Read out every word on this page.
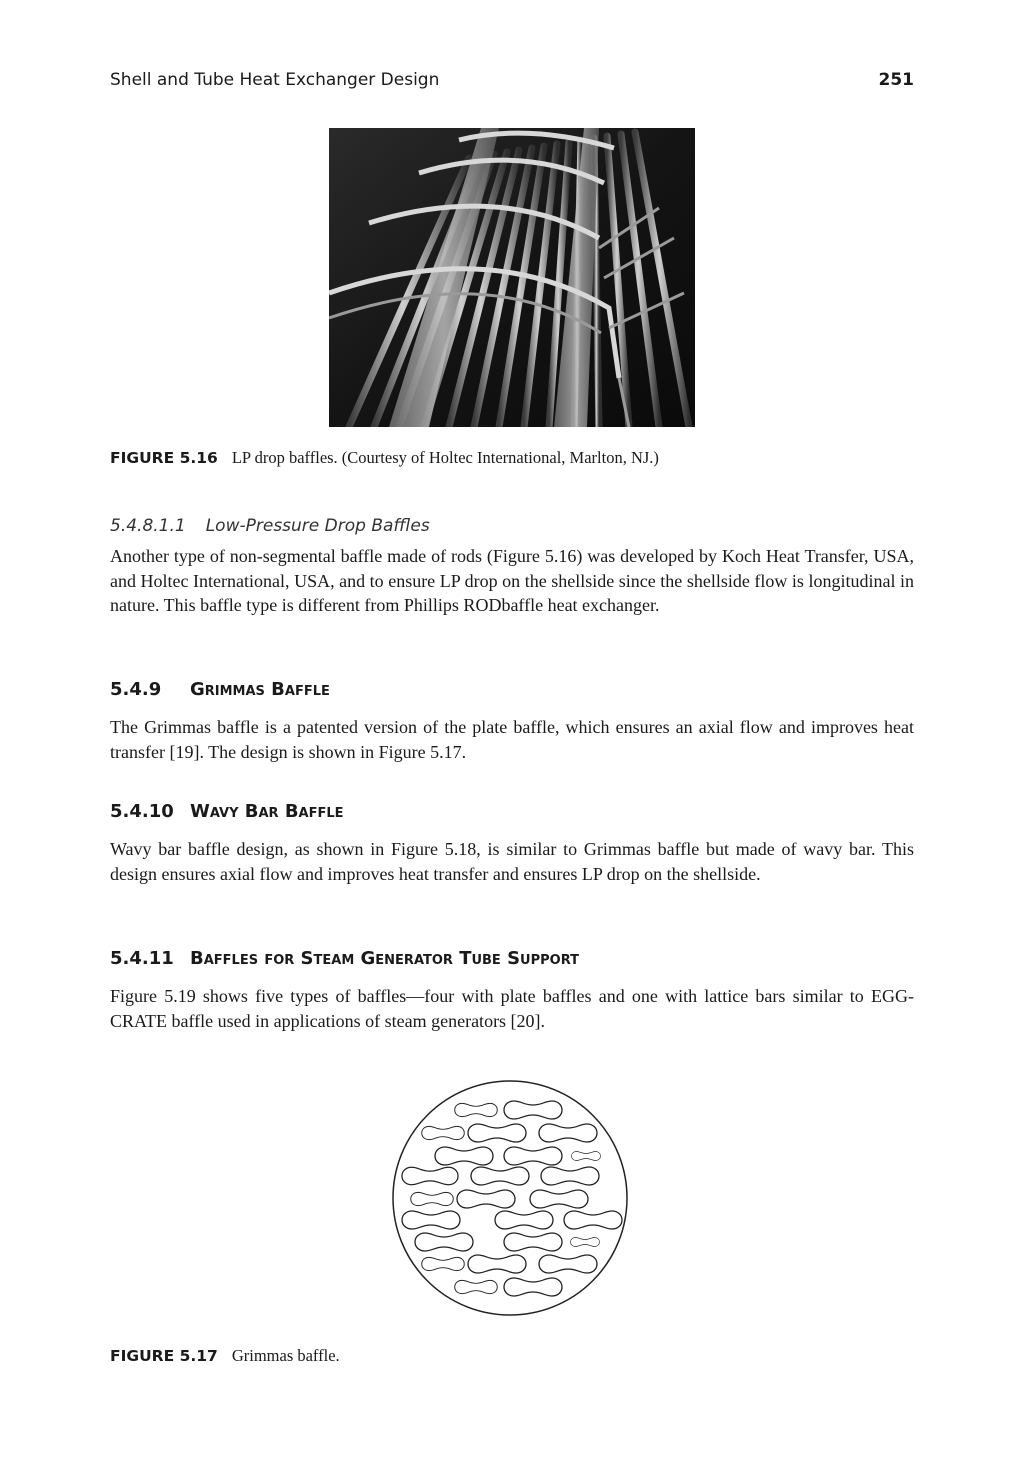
Shell and Tube Heat Exchanger Design	251
FIGURE 5.16 LP drop baffles. (Courtesy of Holtec International, Marlton, NJ.)
5.4.8.1.1 Low-Pressure Drop Baffles

Another type of non-segmental baffle made of rods (Figure 5.16) was developed by Koch Heat Transfer, USA, and Holtec International, USA, and to ensure LP drop on the shellside since the shellside flow is longitudinal in nature. This baffle type is different from Phillips RODbaffle heat exchanger.

5.4.9 Grimmas Baffle

The Grimmas baffle is a patented version of the plate baffle, which ensures an axial flow and improves heat transfer [19]. The design is shown in Figure 5.17.

5.4.10 Wavy Bar Baffle

Wavy bar baffle design, as shown in Figure 5.18, is similar to Grimmas baffle but made of wavy bar. This design ensures axial flow and improves heat transfer and ensures LP drop on the shellside.

5.4.11 Baffles for Steam Generator Tube Support

Figure 5.19 shows five types of baffles—four with plate baffles and one with lattice bars similar to EGG-CRATE baffle used in applications of steam generators [20].

FIGURE 5.17 Grimmas baffle.
